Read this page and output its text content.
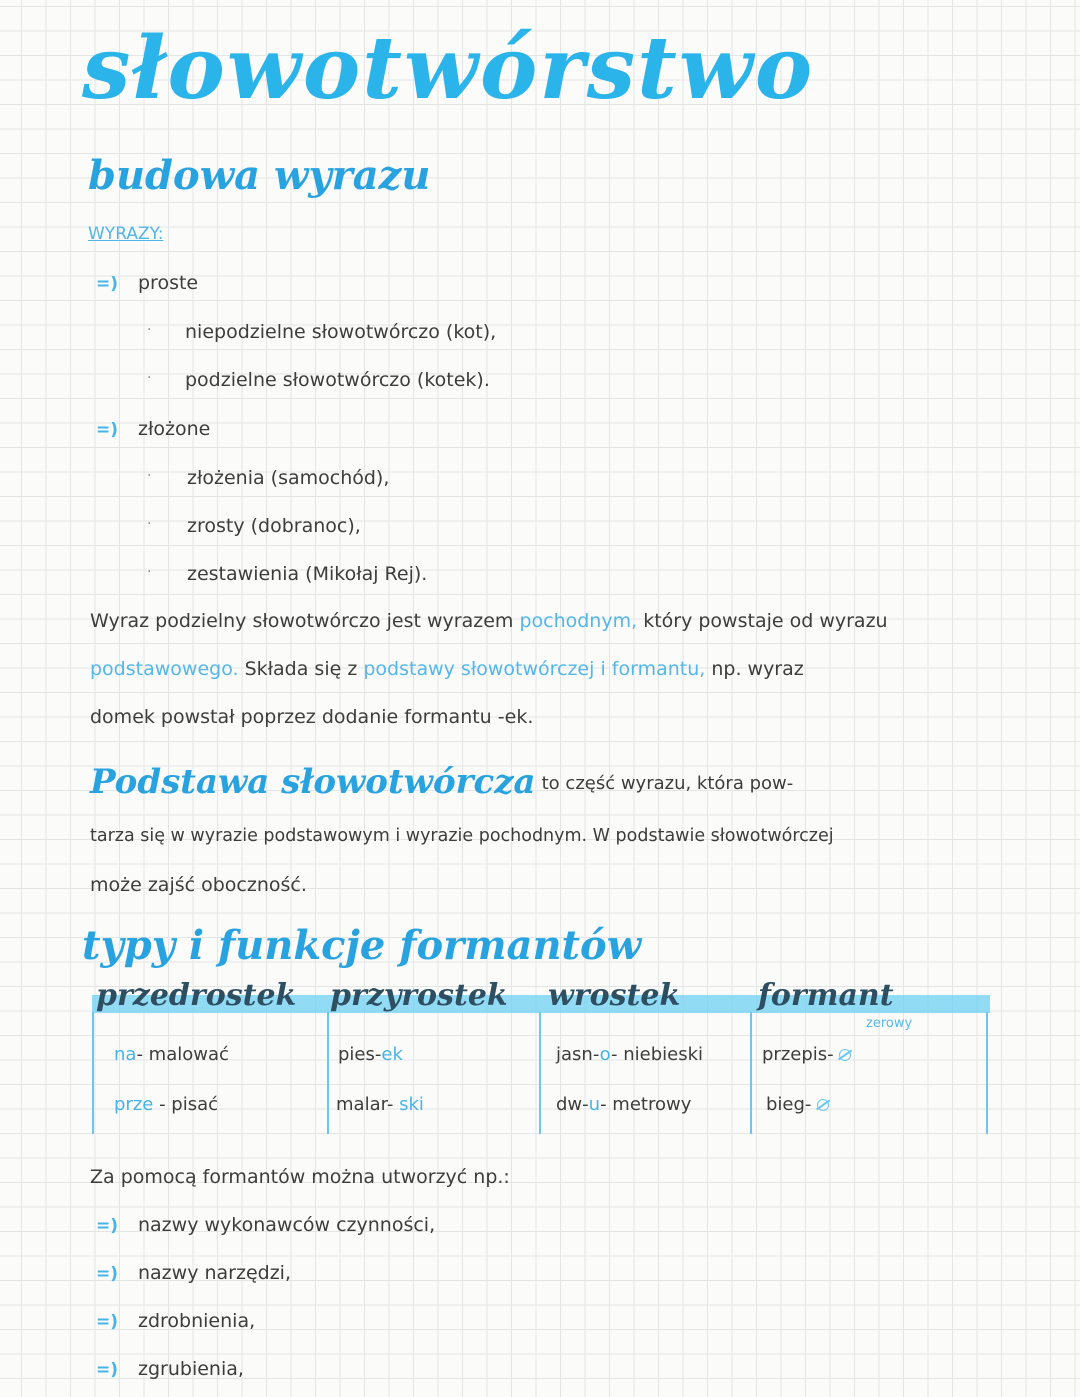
słowotwórstwo
budowa wyrazu
WYRAZY:
=) proste
· niepodzielne słowotwórczo (kot),
· podzielne słowotwórczo (kotek).
=) złożone
· złożenia (samochód),
· zrosty (dobranoc),
· zestawienia (Mikołaj Rej).
Wyraz podzielny słowotwórczo jest wyrazem pochodnym, który powstaje od wyrazu
podstawowego. Składa się z podstawy słowotwórczej i formantu, np. wyraz
domek powstał poprzez dodanie formantu -ek.
Podstawa słowotwórcza to część wyrazu, która pow-
tarza się w wyrazie podstawowym i wyrazie pochodnym. W podstawie słowotwórczej
może zajść oboczność.
typy i funkcje formantów
przedrostek przyrostek wrostek	formant
zerowy
na- malować	pies-ek	jasn-o- niebieski	przepis-
prze - pisać	malar- ski	dw-u- metrowy	bieg-
Za pomocą formantów można utworzyć np.:
=) nazwy wykonawców czynności,
=) nazwy narzędzi,
=) zdrobnienia,
=) zgrubienia,
